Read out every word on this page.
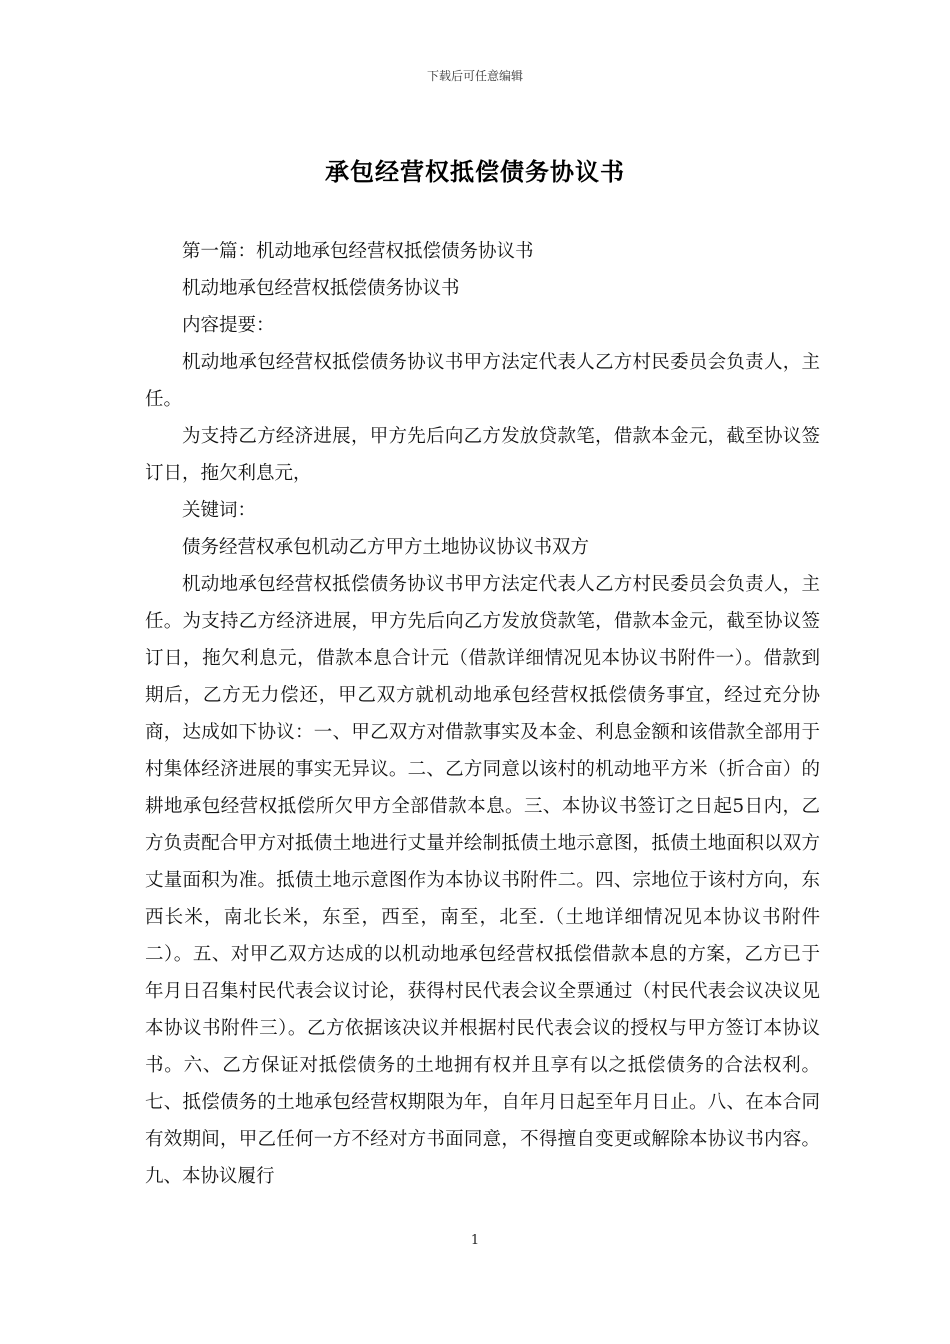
下载后可任意编辑
承包经营权抵偿债务协议书

第一篇：机动地承包经营权抵偿债务协议书

机动地承包经营权抵偿债务协议书

内容提要：

机动地承包经营权抵偿债务协议书甲方法定代表人乙方村民委员会负责人，主任。

为支持乙方经济进展，甲方先后向乙方发放贷款笔，借款本金元，截至协议签订日，拖欠利息元，

关键词：

债务经营权承包机动乙方甲方土地协议协议书双方

机动地承包经营权抵偿债务协议书甲方法定代表人乙方村民委员会负责人，主任。为支持乙方经济进展，甲方先后向乙方发放贷款笔，借款本金元，截至协议签订日，拖欠利息元，借款本息合计元（借款详细情况见本协议书附件一）。借款到期后，乙方无力偿还，甲乙双方就机动地承包经营权抵偿债务事宜，经过充分协商，达成如下协议：一、甲乙双方对借款事实及本金、利息金额和该借款全部用于村集体经济进展的事实无异议。二、乙方同意以该村的机动地平方米（折合亩）的耕地承包经营权抵偿所欠甲方全部借款本息。三、本协议书签订之日起5日内，乙方负责配合甲方对抵债土地进行丈量并绘制抵债土地示意图，抵债土地面积以双方丈量面积为准。抵债土地示意图作为本协议书附件二。四、宗地位于该村方向，东西长米，南北长米，东至，西至，南至，北至.（土地详细情况见本协议书附件二）。五、对甲乙双方达成的以机动地承包经营权抵偿借款本息的方案，乙方已于年月日召集村民代表会议讨论，获得村民代表会议全票通过（村民代表会议决议见本协议书附件三）。乙方依据该决议并根据村民代表会议的授权与甲方签订本协议书。六、乙方保证对抵偿债务的土地拥有权并且享有以之抵偿债务的合法权利。七、抵偿债务的土地承包经营权期限为年，自年月日起至年月日止。八、在本合同有效期间，甲乙任何一方不经对方书面同意，不得擅自变更或解除本协议书内容。九、本协议履行

1
